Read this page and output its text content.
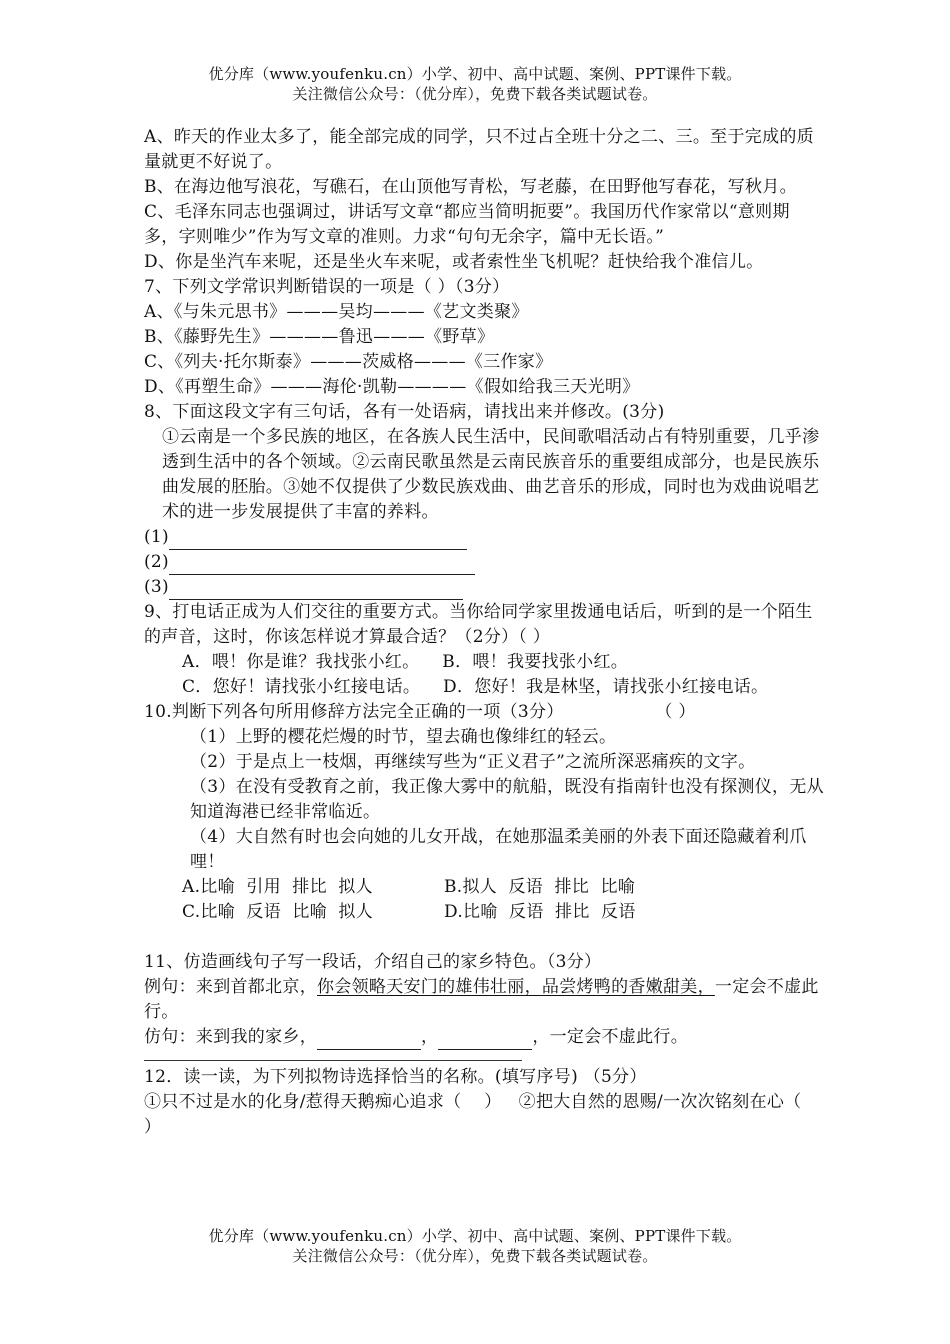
优分库（www.youfenku.cn）小学、初中、高中试题、案例、PPT课件下载。
关注微信公众号：（优分库），免费下载各类试题试卷。

A、昨天的作业太多了，能全部完成的同学，只不过占全班十分之二、三。至于完成的质量就更不好说了。

B、在海边他写浪花，写礁石，在山顶他写青松，写老藤，在田野他写春花，写秋月。

C、毛泽东同志也强调过，讲话写文章“都应当简明扼要”。我国历代作家常以“意则期多，字则唯少”作为写文章的准则。力求“句句无余字，篇中无长语。”

D、你是坐汽车来呢，还是坐火车来呢，或者索性坐飞机呢？赶快给我个准信儿。

7、下列文学常识判断错误的一项是（ ）（3分）

A、《与朱元思书》———吴均———《艺文类聚》

B、《藤野先生》————鲁迅———《野草》

C、《列夫·托尔斯泰》———茨威格———《三作家》

D、《再塑生命》———海伦·凯勒————《假如给我三天光明》

8、下面这段文字有三句话，各有一处语病，请找出来并修改。(3分)

①云南是一个多民族的地区，在各族人民生活中，民间歌唱活动占有特别重要，几乎渗透到生活中的各个领域。②云南民歌虽然是云南民族音乐的重要组成部分，也是民族乐曲发展的胚胎。③她不仅提供了少数民族戏曲、曲艺音乐的形成，同时也为戏曲说唱艺术的进一步发展提供了丰富的养料。

(1)
(2)
(3)

9、打电话正成为人们交往的重要方式。当你给同学家里拨通电话后，听到的是一个陌生的声音，这时，你该怎样说才算最合适？（2分）（ ）

A．喂！你是谁？我找张小红。    B．喂！我要找张小红。

C．您好！请找张小红接电话。    D．您好！我是林坚，请找张小红接电话。

10.判断下列各句所用修辞方法完全正确的一项（3分）	（ ）

（1）上野的樱花烂熳的时节，望去确也像绯红的轻云。

（2）于是点上一枝烟，再继续写些为“正义君子”之流所深恶痛疾的文字。

（3）在没有受教育之前，我正像大雾中的航船，既没有指南针也没有探测仪，无从知道海港已经非常临近。

（4）大自然有时也会向她的儿女开战，在她那温柔美丽的外表下面还隐藏着利爪哩！

A.比喻  引用  排比  拟人	B.拟人  反语  排比  比喻
C.比喻  反语  比喻  拟人	D.比喻  反语  排比  反语

11、仿造画线句子写一段话，介绍自己的家乡特色。（3分）

例句：来到首都北京，你会领略天安门的雄伟壮丽，品尝烤鸭的香嫩甜美，一定会不虚此行。

仿句：来到我的家乡，	，	，一定会不虚此行。

12．读一读，为下列拟物诗选择恰当的名称。(填写序号) （5分）

①只不过是水的化身/惹得天鹅痴心追求（    ）   ②把大自然的恩赐/一次次铭刻在心（    ）

优分库（www.youfenku.cn）小学、初中、高中试题、案例、PPT课件下载。
关注微信公众号：（优分库），免费下载各类试题试卷。
